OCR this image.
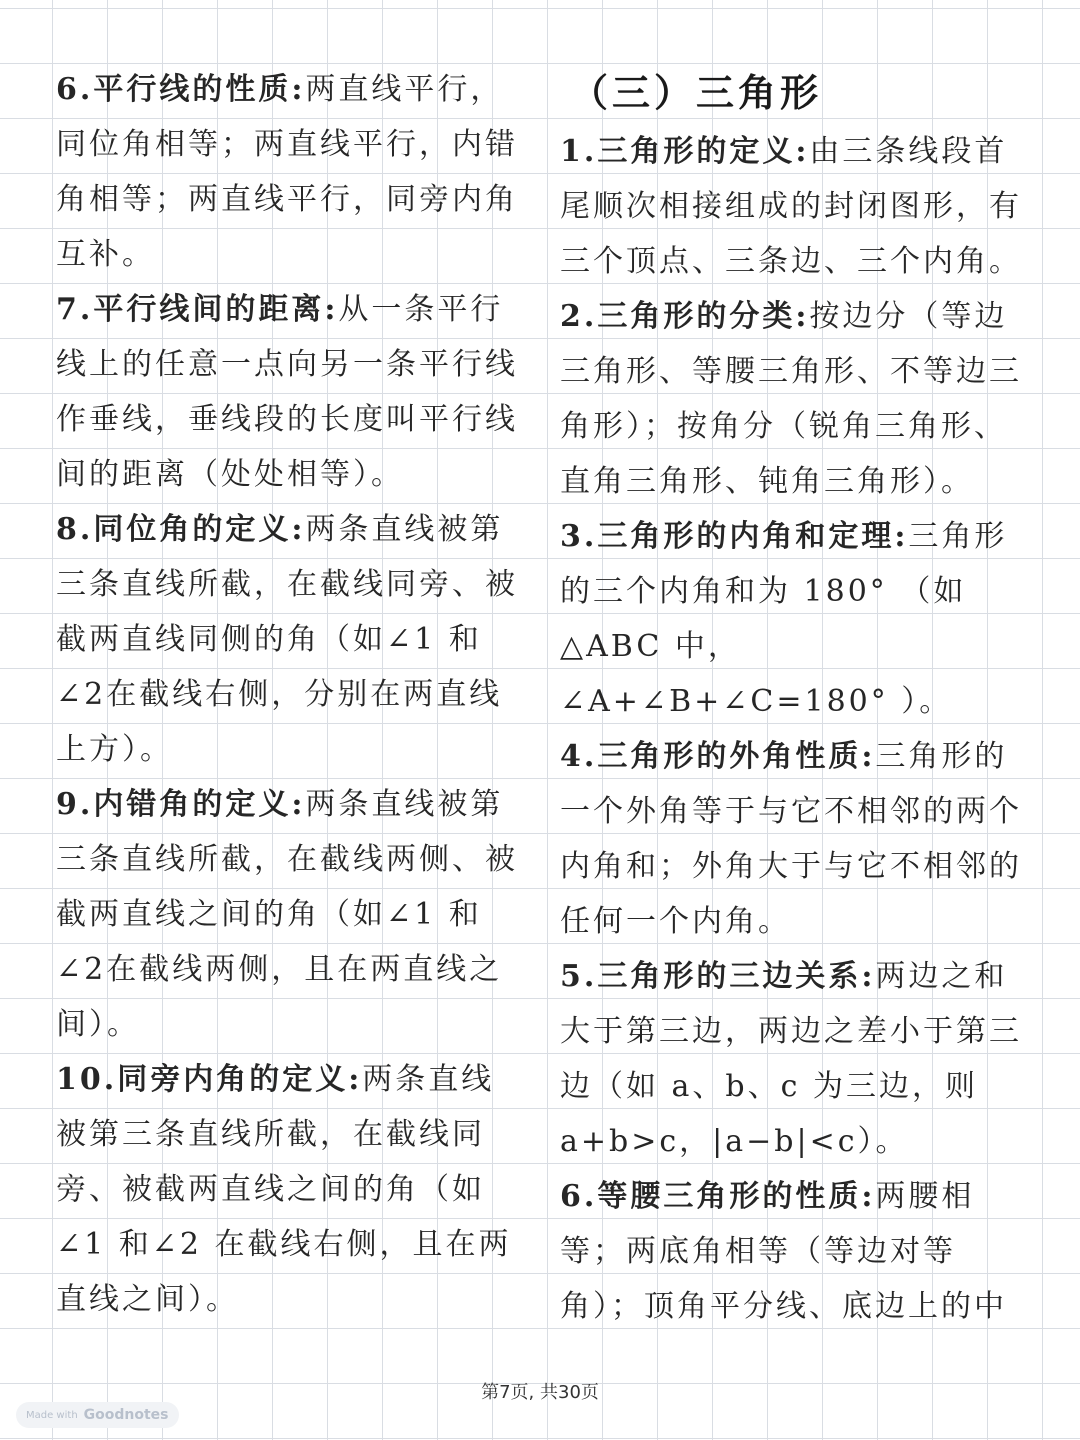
6.平行线的性质:两直线平行，同位角相等；两直线平行，内错角相等；两直线平行，同旁内角互补。

7.平行线间的距离:从一条平行线上的任意一点向另一条平行线作垂线，垂线段的长度叫平行线间的距离（处处相等）。

8.同位角的定义:两条直线被第三条直线所截，在截线同旁、被截两直线同侧的角（如∠1 和∠2在截线右侧，分别在两直线上方）。

9.内错角的定义:两条直线被第三条直线所截，在截线两侧、被截两直线之间的角（如∠1 和∠2在截线两侧，且在两直线之间）。

10.同旁内角的定义:两条直线被第三条直线所截，在截线同旁、被截两直线之间的角（如∠1 和∠2 在截线右侧，且在两直线之间）。

（三）三角形

1.三角形的定义:由三条线段首尾顺次相接组成的封闭图形，有三个顶点、三条边、三个内角。

2.三角形的分类:按边分（等边三角形、等腰三角形、不等边三角形）；按角分（锐角三角形、直角三角形、钝角三角形）。

3.三角形的内角和定理:三角形的三个内角和为 180° （如△ABC 中，∠A+∠B+∠C=180° ）。

4.三角形的外角性质:三角形的一个外角等于与它不相邻的两个内角和；外角大于与它不相邻的任何一个内角。

5.三角形的三边关系:两边之和大于第三边，两边之差小于第三边（如 a、b、c 为三边，则a+b>c，|a−b|<c）。

6.等腰三角形的性质:两腰相等；两底角相等（等边对等角）；顶角平分线、底边上的中

第7页, 共30页
Made with Goodnotes
